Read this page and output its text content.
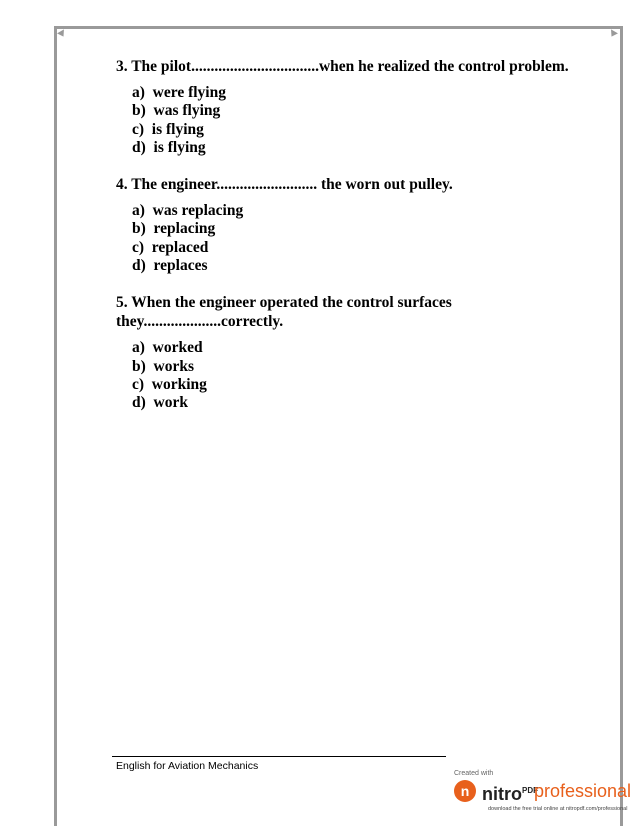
3. The pilot.................................when he realized the control problem.

a)  were flying
b)  was flying
c)  is flying
d)  is flying

4. The engineer.......................... the worn out pulley.

a)  was replacing
b)  replacing
c)  replaced
d)  replaces

5. When the engineer operated the control surfaces they....................correctly.

a)  worked
b)  works
c)  working
d)  work
English for Aviation Mechanics
Created with
n nitro$^{PDF}$
professional
download the free trial online at nitropdf.com/professional
